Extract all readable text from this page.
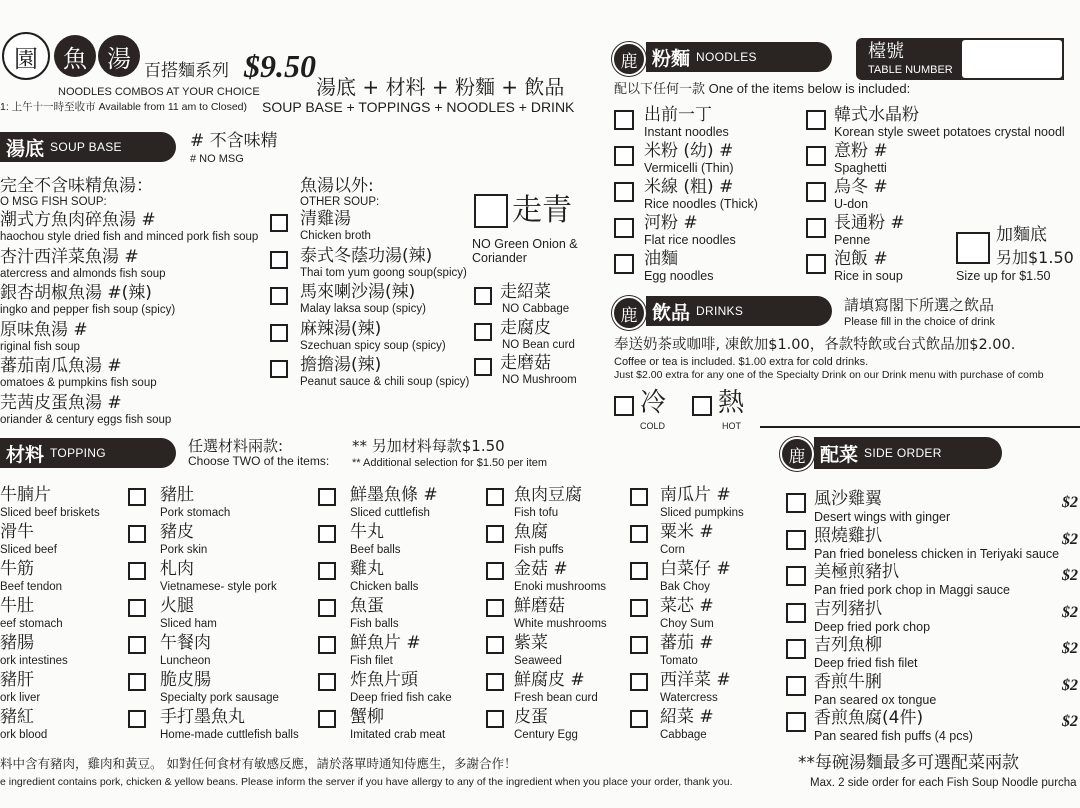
園	魚 湯 百搭麵系列 $9.50
NOODLES COMBOS AT YOUR CHOICE
1: 上午十一時至收市 Available from 11 am to Closed)
湯底 + 材料 + 粉麵 + 飲品
SOUP BASE + TOPPINGS + NOODLES + DRINK
湯底 SOUP BASE	# 不含味精
# NO MSG
完全不含味精魚湯：
O MSG FISH SOUP:
潮式方魚肉碎魚湯 #
haochou style dried fish and minced pork fish soup
杏汁西洋菜魚湯 #
atercress and almonds fish soup
銀杏胡椒魚湯 #(辣)
ingko and pepper fish soup (spicy)
原味魚湯 #
riginal fish soup
蕃茄南瓜魚湯 #
omatoes & pumpkins fish soup
芫茜皮蛋魚湯 #
oriander & century eggs fish soup
魚湯以外:
OTHER SOUP:
清雞湯
Chicken broth
泰式冬蔭功湯(辣)
Thai tom yum goong soup(spicy)
馬來喇沙湯(辣)
Malay laksa soup (spicy)
麻辣湯(辣)
Szechuan spicy soup (spicy)
擔擔湯(辣)
Peanut sauce & chili soup (spicy)
走青
NO Green Onion &
Coriander
走紹菜
NO Cabbage
走腐皮
NO Bean curd
走磨菇
NO Mushroom
材料 TOPPING	任選材料兩款:
Choose TWO of the items:
** 另加材料每款$1.50
** Additional selection for $1.50 per item
牛腩片
Sliced beef briskets
滑牛
Sliced beef
牛筋
Beef tendon
牛肚
eef stomach
豬腸
ork intestines
豬肝
ork liver
豬紅
ork blood
豬肚
Pork stomach
豬皮
Pork skin
札肉
Vietnamese- style pork
火腿
Sliced ham
午餐肉
Luncheon
脆皮腸
Specialty pork sausage
手打墨魚丸
Home-made cuttlefish balls
鮮墨魚條 #
Sliced cuttlefish
牛丸
Beef balls
雞丸
Chicken balls
魚蛋
Fish balls
鮮魚片 #
Fish filet
炸魚片頭
Deep fried fish cake
蟹柳
Imitated crab meat
魚肉豆腐
Fish tofu
魚腐
Fish puffs
金菇 #
Enoki mushrooms
鮮磨菇
White mushrooms
紫菜
Seaweed
鮮腐皮 #
Fresh bean curd
皮蛋
Century Egg
南瓜片 #
Sliced pumpkins
粟米 #
Corn
白菜仔 #
Bak Choy
菜芯 #
Choy Sum
蕃茄 #
Tomato
西洋菜 #
Watercress
紹菜 #
Cabbage
料中含有豬肉，雞肉和黃豆。 如對任何食材有敏感反應，請於落單時通知侍應生，多謝合作！
e ingredient contains pork, chicken & yellow beans. Please inform the server if you have allergy to any of the ingredient when you place your order, thank you.
鹿 粉麵 NOODLES	檯號
TABLE NUMBER
配以下任何一款 One of the items below is included:
出前一丁
Instant noodles
米粉 (幼) #
Vermicelli (Thin)
米線 (粗) #
Rice noodles (Thick)
河粉 #
Flat rice noodles
油麵
Egg noodles
韓式水晶粉
Korean style sweet potatoes crystal noodl
意粉 #
Spaghetti
烏冬 #
U-don
長通粉 #
Penne
泡飯 #
Rice in soup
加麵底
另加$1.50
Size up for $1.50
鹿 飲品 DRINKS	請填寫閣下所選之飲品
Please fill in the choice of drink
奉送奶茶或咖啡, 凍飲加$1.00，各款特飲或台式飲品加$2.00.
Coffee or tea is included. $1.00 extra for cold drinks.
Just $2.00 extra for any one of the Specialty Drink on our Drink menu with purchase of comb
冷
COLD
熱
HOT
鹿 配菜 SIDE ORDER
風沙雞翼
Desert wings with ginger
$2
照燒雞扒
Pan fried boneless chicken in Teriyaki sauce
$2
美極煎豬扒
Pan fried pork chop in Maggi sauce
$2
吉列豬扒
Deep fried pork chop
$2
吉列魚柳
Deep fried fish filet
$2
香煎牛脷
Pan seared ox tongue
$2
香煎魚腐(4件)
Pan seared fish puffs (4 pcs)
$2
**每碗湯麵最多可選配菜兩款
Max. 2 side order for each Fish Soup Noodle purcha
